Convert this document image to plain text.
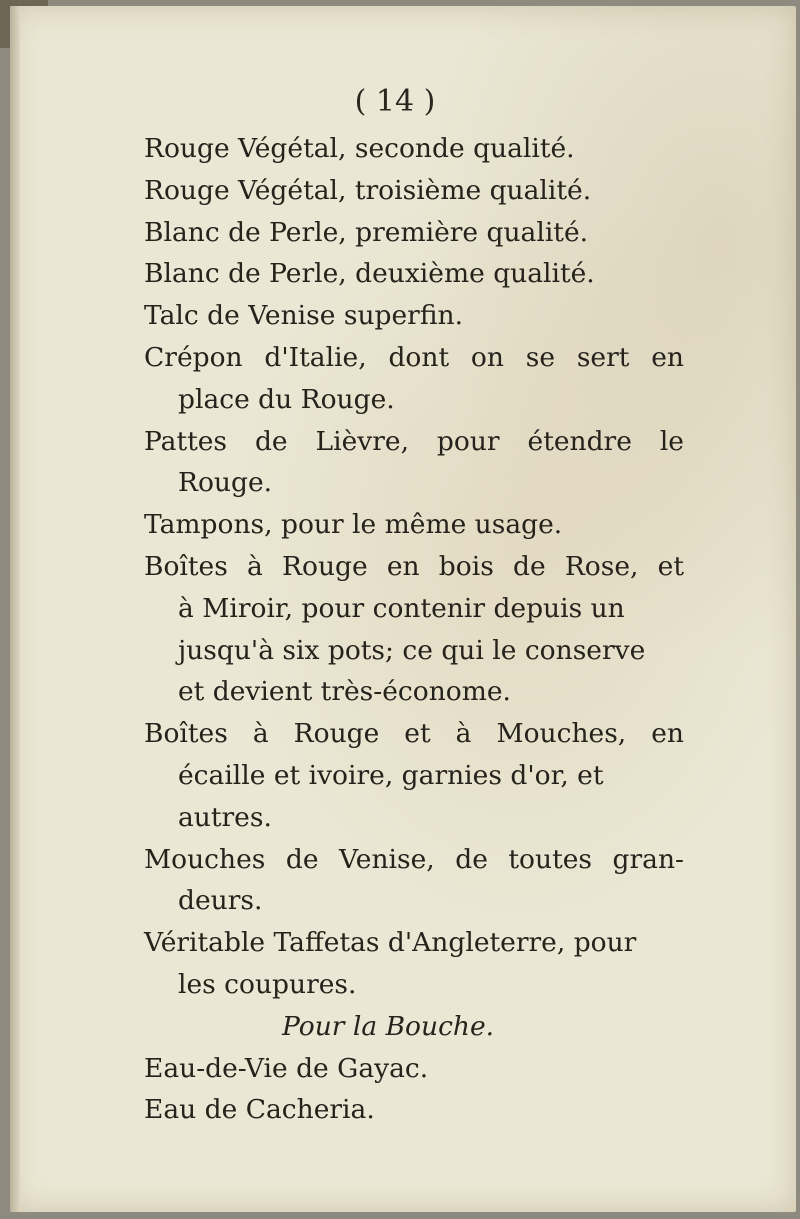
( 14 )
Rouge Végétal, seconde qualité.
Rouge Végétal, troisième qualité.
Blanc de Perle, première qualité.
Blanc de Perle, deuxième qualité.
Talc de Venise superfin.
Crépon d'Italie, dont on se sert en
place du Rouge.
Pattes de Lièvre, pour étendre le
Rouge.
Tampons, pour le même usage.
Boîtes à Rouge en bois de Rose, et
à Miroir, pour contenir depuis un
jusqu'à six pots; ce qui le conserve
et devient très-économe.
Boîtes à Rouge et à Mouches, en
écaille et ivoire, garnies d'or, et
autres.
Mouches de Venise, de toutes gran-
deurs.
Véritable Taffetas d'Angleterre, pour
les coupures.
Pour la Bouche.
Eau-de-Vie de Gayac.
Eau de Cacheria.
